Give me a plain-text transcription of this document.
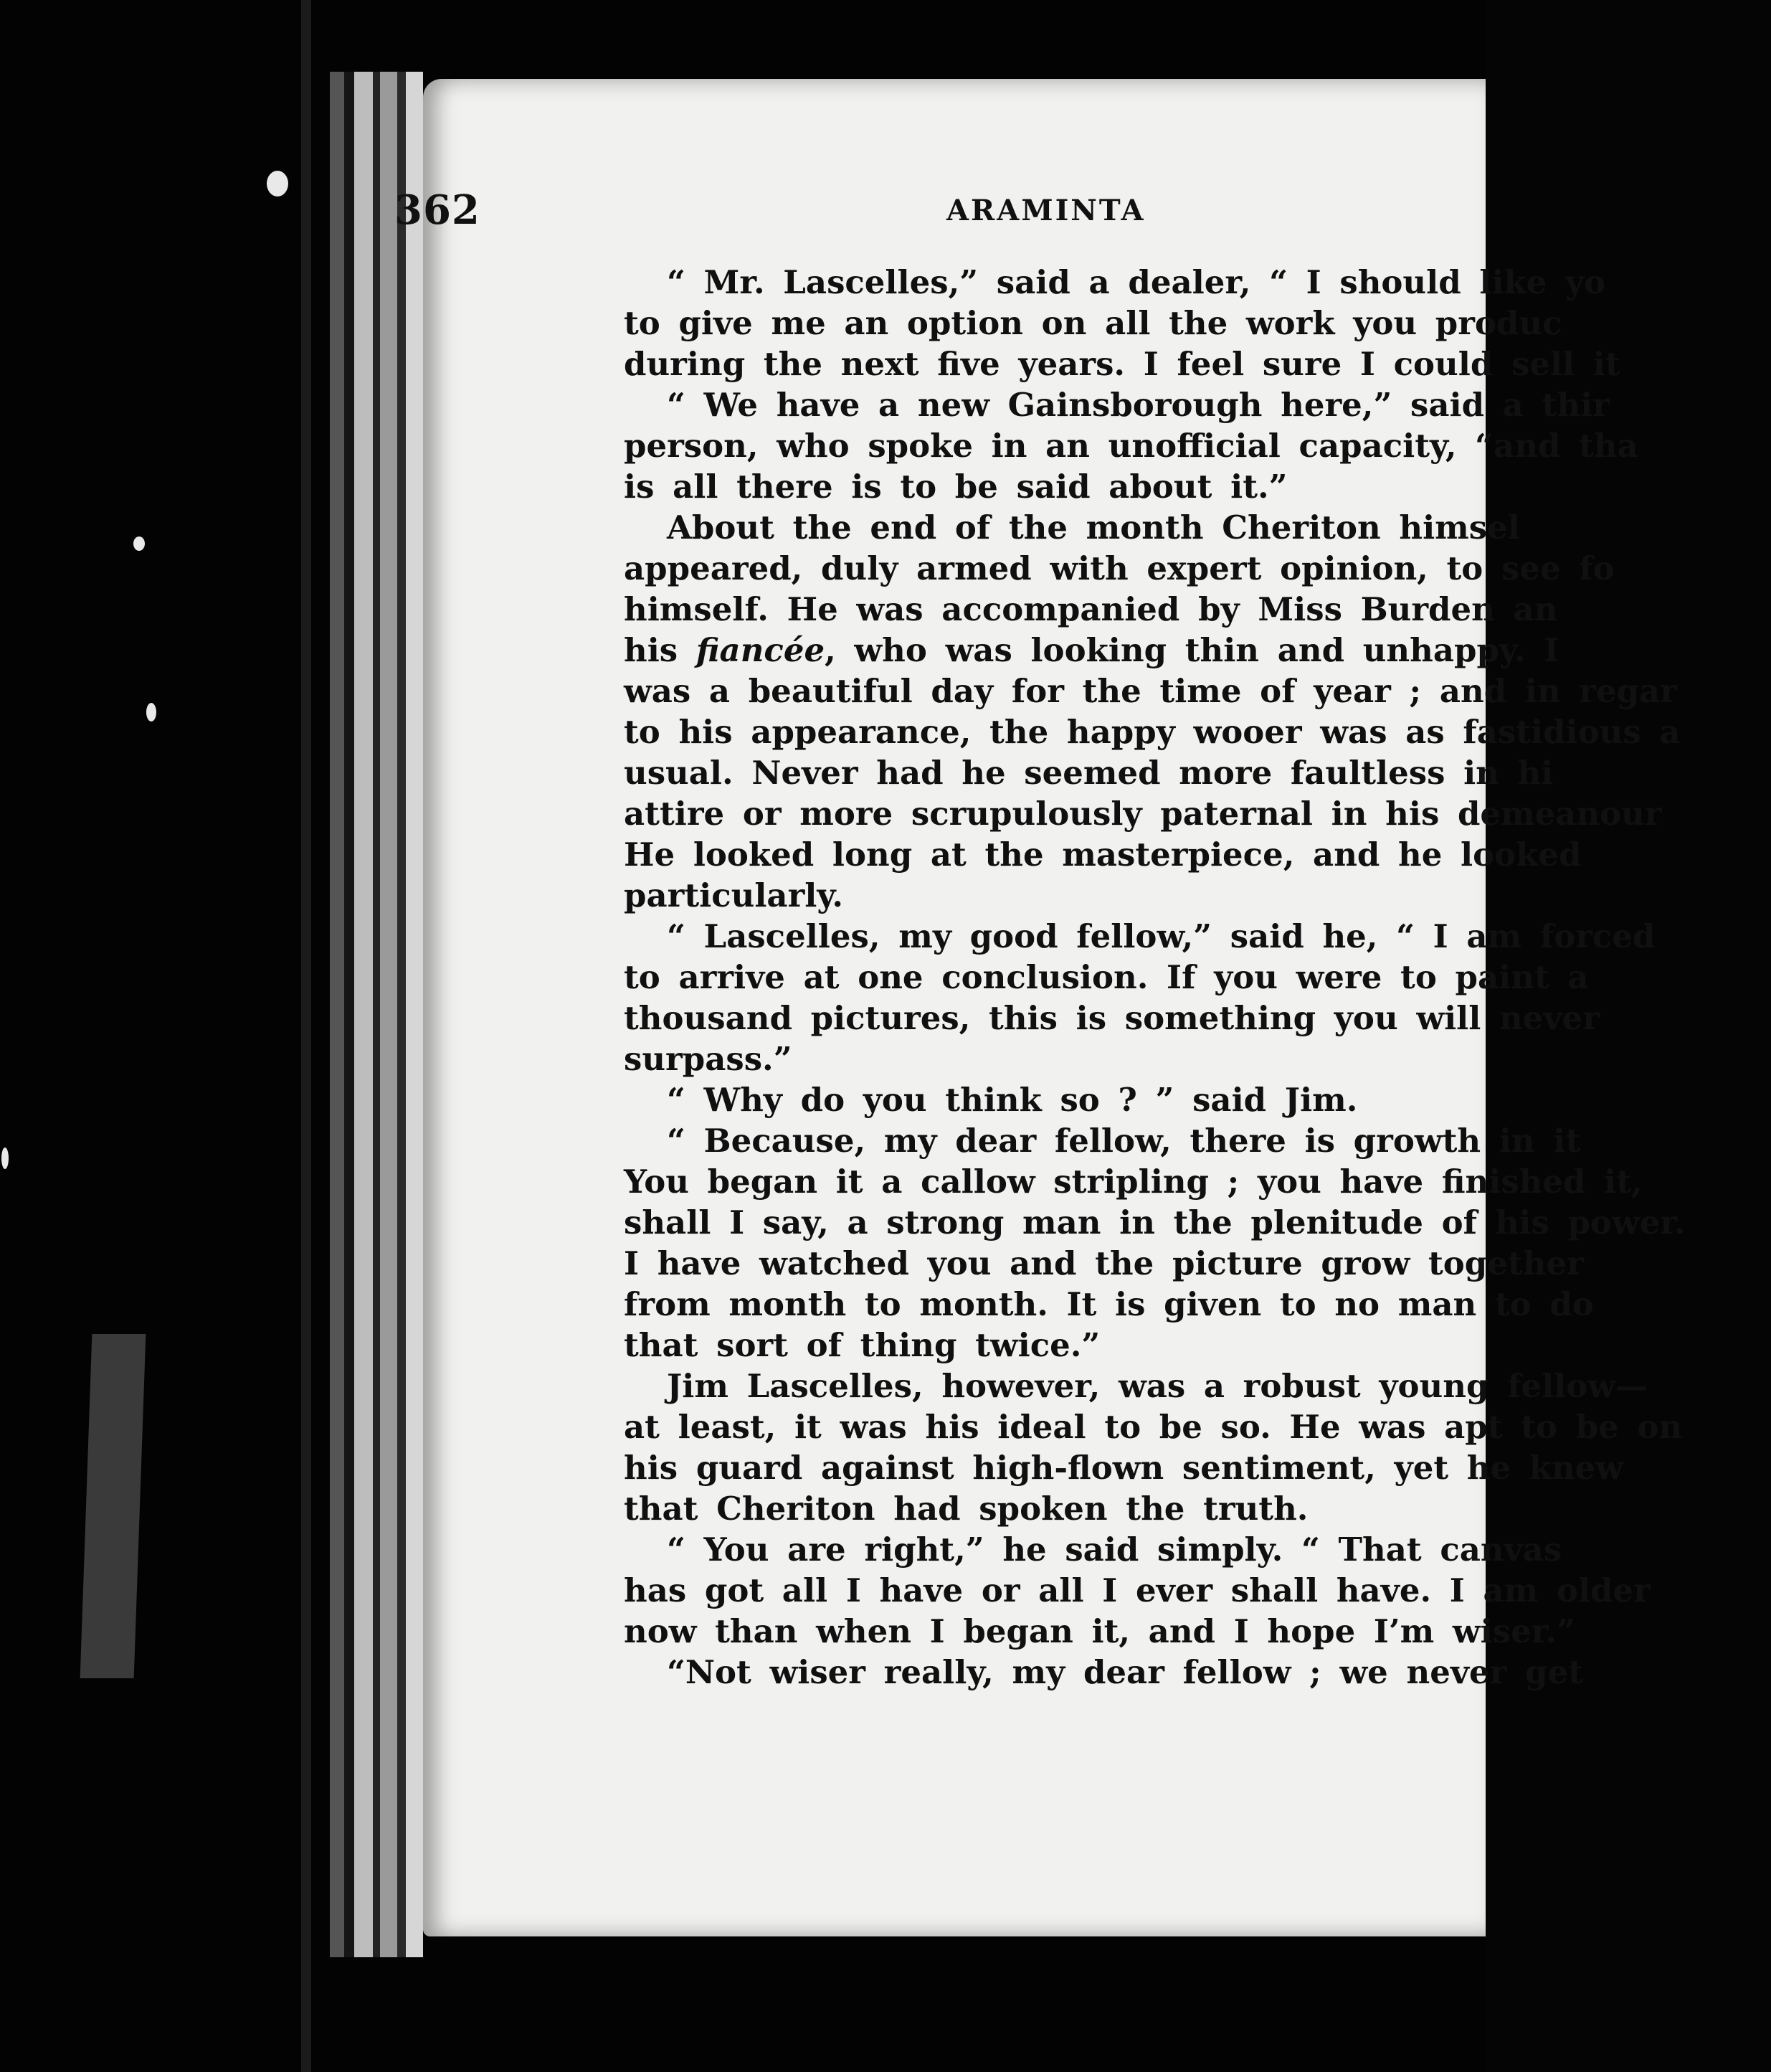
362	ARAMINTA
“ Mr. Lascelles,” said a dealer, “ I should like yo
to give me an option on all the work you produc
during the next five years. I feel sure I could sell it
“ We have a new Gainsborough here,” said a thir
person, who spoke in an unofficial capacity, “and tha
is all there is to be said about it.”
About the end of the month Cheriton himsel
appeared, duly armed with expert opinion, to see fo
himself. He was accompanied by Miss Burden an
his fiancée, who was looking thin and unhappy. I
was a beautiful day for the time of year ; and in regar
to his appearance, the happy wooer was as fastidious a
usual. Never had he seemed more faultless in hi
attire or more scrupulously paternal in his demeanour
He looked long at the masterpiece, and he looked
particularly.
“ Lascelles, my good fellow,” said he, “ I am forced
to arrive at one conclusion. If you were to paint a
thousand pictures, this is something you will never
surpass.”
“ Why do you think so ? ” said Jim.
“ Because, my dear fellow, there is growth in it
You began it a callow stripling ; you have finished it,
shall I say, a strong man in the plenitude of his power.
I have watched you and the picture grow together
from month to month. It is given to no man to do
that sort of thing twice.”
Jim Lascelles, however, was a robust young fellow—
at least, it was his ideal to be so. He was apt to be on
his guard against high-flown sentiment, yet he knew
that Cheriton had spoken the truth.
“ You are right,” he said simply. “ That canvas
has got all I have or all I ever shall have. I am older
now than when I began it, and I hope I’m wiser.”
“Not wiser really, my dear fellow ; we never get
